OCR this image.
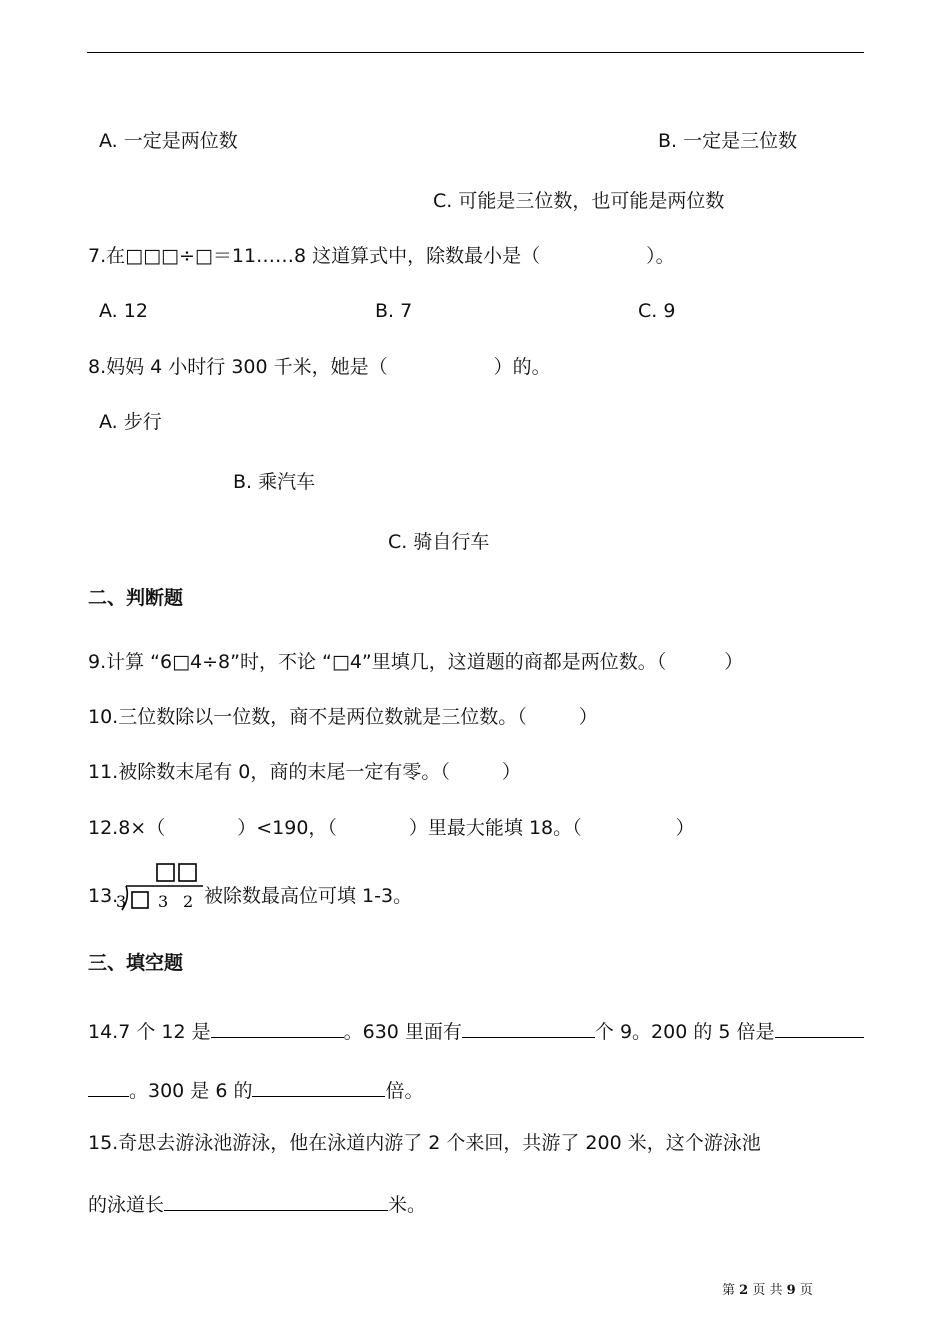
A. 一定是两位数	B. 一定是三位数
C. 可能是三位数，也可能是两位数
7.在□□□÷□＝11……8 这道算式中，除数最小是（	）。
A. 12	B. 7	C. 9
8.妈妈 4 小时行 300 千米，她是（	）的。
A. 步行
B. 乘汽车
C. 骑自行车
二、判断题
9.计算 “6□4÷8”时，不论 “□4”里填几，这道题的商都是两位数。（	）
10.三位数除以一位数，商不是两位数就是三位数。（	）
11.被除数末尾有 0，商的末尾一定有零。（	）
12.8×（	）<190，（	）里最大能填 18。（	）
13.
3 3 2 被除数最高位可填 1-3。
三、填空题
14.7 个 12 是	。630 里面有	个 9。200 的 5 倍是
。300 是 6 的	倍。
15.奇思去游泳池游泳，他在泳道内游了 2 个来回，共游了 200 米，这个游泳池
的泳道长	米。
第 2 页 共 9 页
